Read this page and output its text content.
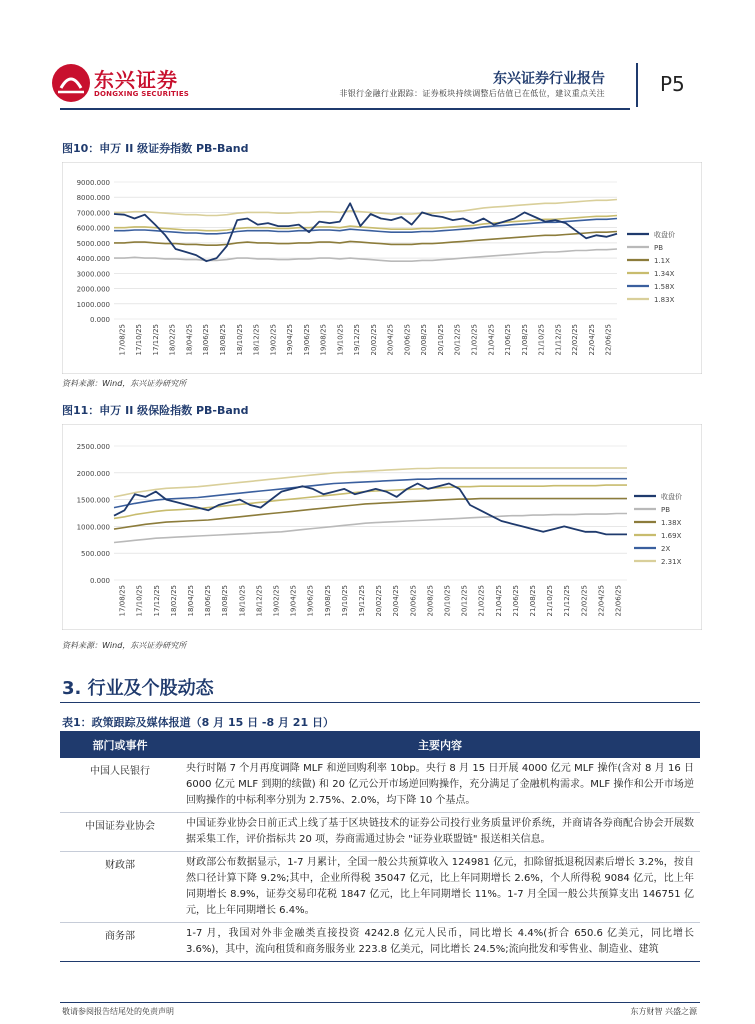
东兴证券
DONGXING SECURITIES
东兴证券行业报告
非银行金融行业跟踪：证券板块持续调整后估值已在低位，建议重点关注	P5
图10：申万 II 级证券指数 PB-Band
9000.000
8000.000
7000.000
6000.000
5000.000
4000.000
3000.000
2000.000
1000.000
0.000
17/08/25 17/10/25 17/12/25 18/02/25 18/04/25 18/06/25 18/08/25 18/10/25 18/12/25 19/02/25 19/04/25 19/06/25 19/08/25 19/10/25 19/12/25 20/02/25 20/04/25 20/06/25 20/08/25 20/10/25 20/12/25 21/02/25 21/04/25 21/06/25 21/08/25 21/10/25 21/12/25 22/02/25 22/04/25 22/06/25
收盘价
PB
1.1X
1.34X
1.58X
1.83X
资料来源：Wind，东兴证券研究所
图11：申万 II 级保险指数 PB-Band
2500.000
2000.000
1500.000
1000.000
500.000
0.000
17/08/25 17/10/25 17/12/25 18/02/25 18/04/25 18/06/25 18/08/25 18/10/25 18/12/25 19/02/25 19/04/25 19/06/25 19/08/25 19/10/25 19/12/25 20/02/25 20/04/25 20/06/25 20/08/25 20/10/25 20/12/25 21/02/25 21/04/25 21/06/25 21/08/25 21/10/25 21/12/25 22/02/25 22/04/25 22/06/25
收盘价
PB
1.38X
1.69X
2X
2.31X
资料来源：Wind，东兴证券研究所
3. 行业及个股动态
表1：政策跟踪及媒体报道（8 月 15 日 -8 月 21 日）
部门或事件	主要内容
中国人民银行	央行时隔 7 个月再度调降 MLF 和逆回购利率 10bp。央行 8 月 15 日开展 4000 亿元 MLF 操作(含对 8 月 16 日 6000 亿元 MLF 到期的续做) 和 20 亿元公开市场逆回购操作，充分满足了金融机构需求。MLF 操作和公开市场逆回购操作的中标利率分别为 2.75%、2.0%，均下降 10 个基点。
中国证券业协会	中国证券业协会日前正式上线了基于区块链技术的证券公司投行业务质量评价系统，并商请各券商配合协会开展数据采集工作，评价指标共 20 项，券商需通过协会 "证券业联盟链" 报送相关信息。
财政部	财政部公布数据显示，1-7 月累计，全国一般公共预算收入 124981 亿元，扣除留抵退税因素后增长 3.2%，按自然口径计算下降 9.2%;其中，企业所得税 35047 亿元，比上年同期增长 2.6%，个人所得税 9084 亿元，比上年同期增长 8.9%，证券交易印花税 1847 亿元，比上年同期增长 11%。1-7 月全国一般公共预算支出 146751 亿元，比上年同期增长 6.4%。
商务部	1-7 月，我国对外非金融类直接投资 4242.8 亿元人民币，同比增长 4.4%(折合 650.6 亿美元，同比增长 3.6%)，其中，流向租赁和商务服务业 223.8 亿美元，同比增长 24.5%;流向批发和零售业、制造业、建筑
敬请参阅报告结尾处的免责声明	东方财智 兴盛之源
